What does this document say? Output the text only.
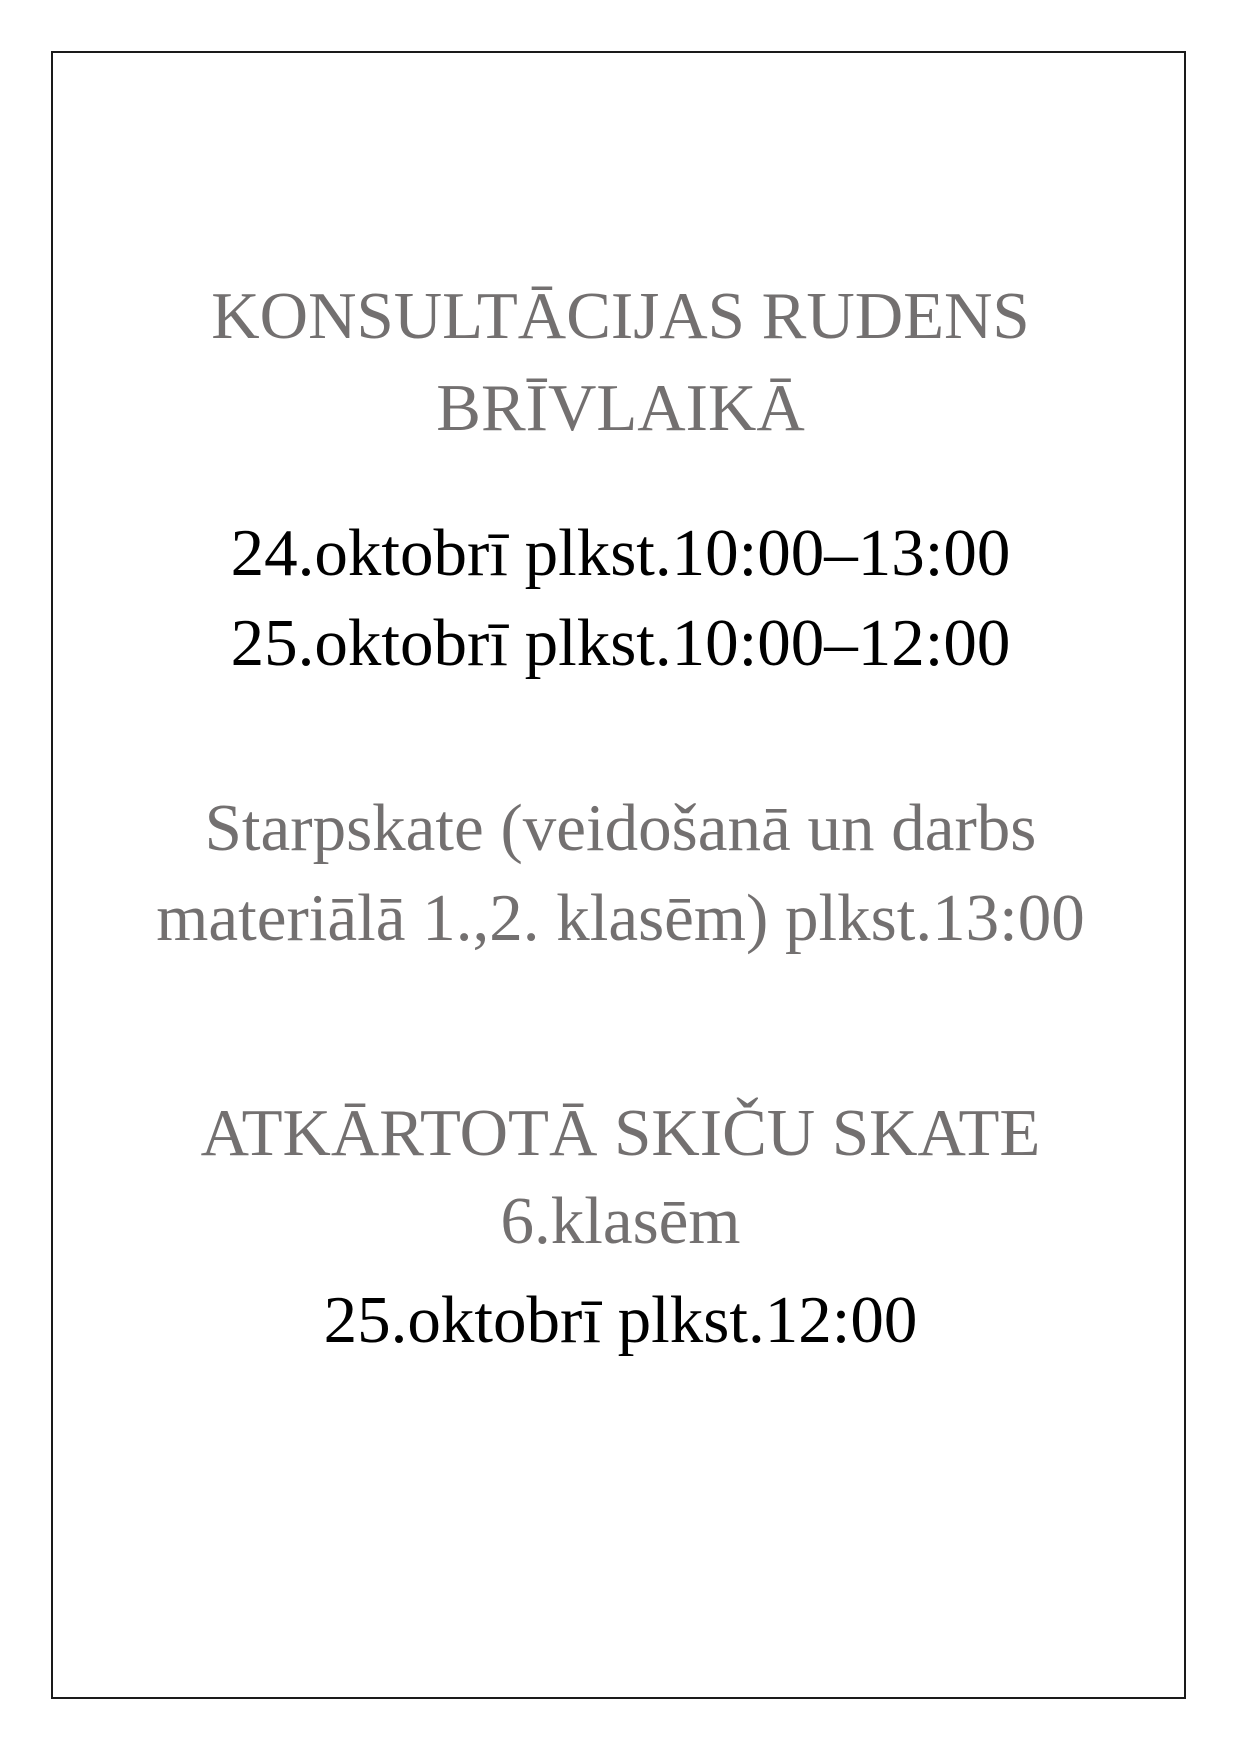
KONSULTĀCIJAS RUDENS
BRĪVLAIKĀ
24.oktobrī plkst.10:00–13:00
25.oktobrī plkst.10:00–12:00
Starpskate (veidošanā un darbs
materiālā 1.,2. klasēm) plkst.13:00
ATKĀRTOTĀ SKIČU SKATE
6.klasēm
25.oktobrī plkst.12:00
